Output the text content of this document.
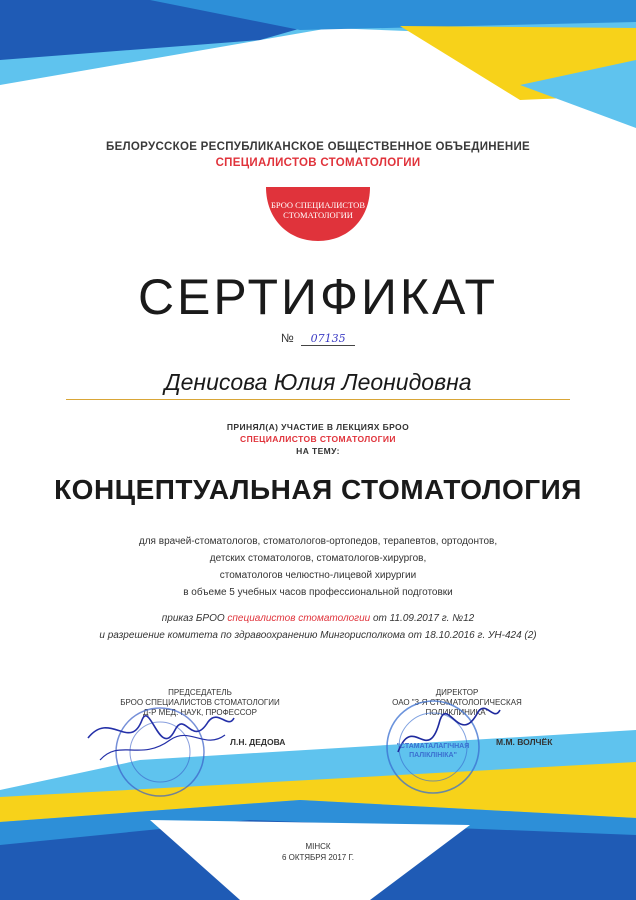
БЕЛОРУССКОЕ РЕСПУБЛИКАНСКОЕ ОБЩЕСТВЕННОЕ ОБЪЕДИНЕНИЕ
СПЕЦИАЛИСТОВ СТОМАТОЛОГИИ
БРОО СПЕЦИАЛИСТОВ
СТОМАТОЛОГИИ
СЕРТИФИКАТ
№ 07135
Денисова Юлия Леонидовна
ПРИНЯЛ(А) УЧАСТИЕ В ЛЕКЦИЯХ БРОО
СПЕЦИАЛИСТОВ СТОМАТОЛОГИИ
НА ТЕМУ:
КОНЦЕПТУАЛЬНАЯ СТОМАТОЛОГИЯ
для врачей-стоматологов, стоматологов-ортопедов, терапевтов, ортодонтов,
детских стоматологов, стоматологов-хирургов,
стоматологов челюстно-лицевой хирургии
в объеме 5 учебных часов профессиональной подготовки
приказ БРОО специалистов стоматологии от 11.09.2017 г. №12
и разрешение комитета по здравоохранению Мингорисполкома от 18.10.2016 г. УН-424 (2)
ПРЕДСЕДАТЕЛЬ
БРОО СПЕЦИАЛИСТОВ СТОМАТОЛОГИИ
Д-Р МЕД. НАУК, ПРОФЕССОР
Л.Н. ДЕДОВА
ДИРЕКТОР
ОАО "3-Я СТОМАТОЛОГИЧЕСКАЯ
ПОЛИКЛИНИКА"
М.М. ВОЛЧЁК
"СТАМАТАЛАГІЧНАЯ
ПАЛІКЛІНІКА"
МІНСК
6 ОКТЯБРЯ 2017 Г.
